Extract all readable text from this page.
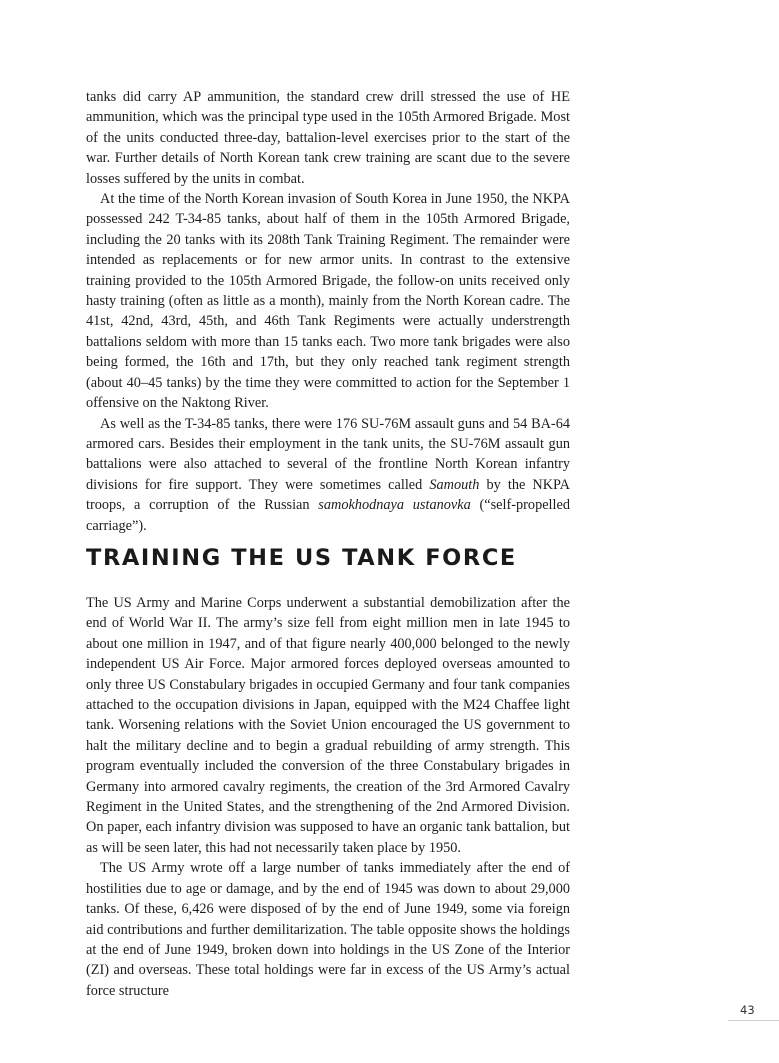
tanks did carry AP ammunition, the standard crew drill stressed the use of HE ammunition, which was the principal type used in the 105th Armored Brigade. Most of the units conducted three-day, battalion-level exercises prior to the start of the war. Further details of North Korean tank crew training are scant due to the severe losses suffered by the units in combat.

At the time of the North Korean invasion of South Korea in June 1950, the NKPA possessed 242 T-34-85 tanks, about half of them in the 105th Armored Brigade, including the 20 tanks with its 208th Tank Training Regiment. The remainder were intended as replacements or for new armor units. In contrast to the extensive training provided to the 105th Armored Brigade, the follow-on units received only hasty training (often as little as a month), mainly from the North Korean cadre. The 41st, 42nd, 43rd, 45th, and 46th Tank Regiments were actually understrength battalions seldom with more than 15 tanks each. Two more tank brigades were also being formed, the 16th and 17th, but they only reached tank regiment strength (about 40–45 tanks) by the time they were committed to action for the September 1 offensive on the Naktong River.

As well as the T-34-85 tanks, there were 176 SU-76M assault guns and 54 BA-64 armored cars. Besides their employment in the tank units, the SU-76M assault gun battalions were also attached to several of the frontline North Korean infantry divisions for fire support. They were sometimes called Samouth by the NKPA troops, a corruption of the Russian samokhodnaya ustanovka (“self-propelled carriage”).

TRAINING THE US TANK FORCE

The US Army and Marine Corps underwent a substantial demobilization after the end of World War II. The army’s size fell from eight million men in late 1945 to about one million in 1947, and of that figure nearly 400,000 belonged to the newly independent US Air Force. Major armored forces deployed overseas amounted to only three US Constabulary brigades in occupied Germany and four tank companies attached to the occupation divisions in Japan, equipped with the M24 Chaffee light tank. Worsening relations with the Soviet Union encouraged the US government to halt the military decline and to begin a gradual rebuilding of army strength. This program eventually included the conversion of the three Constabulary brigades in Germany into armored cavalry regiments, the creation of the 3rd Armored Cavalry Regiment in the United States, and the strengthening of the 2nd Armored Division. On paper, each infantry division was supposed to have an organic tank battalion, but as will be seen later, this had not necessarily taken place by 1950.

The US Army wrote off a large number of tanks immediately after the end of hostilities due to age or damage, and by the end of 1945 was down to about 29,000 tanks. Of these, 6,426 were disposed of by the end of June 1949, some via foreign aid contributions and further demilitarization. The table opposite shows the holdings at the end of June 1949, broken down into holdings in the US Zone of the Interior (ZI) and overseas. These total holdings were far in excess of the US Army’s actual force structure

43
